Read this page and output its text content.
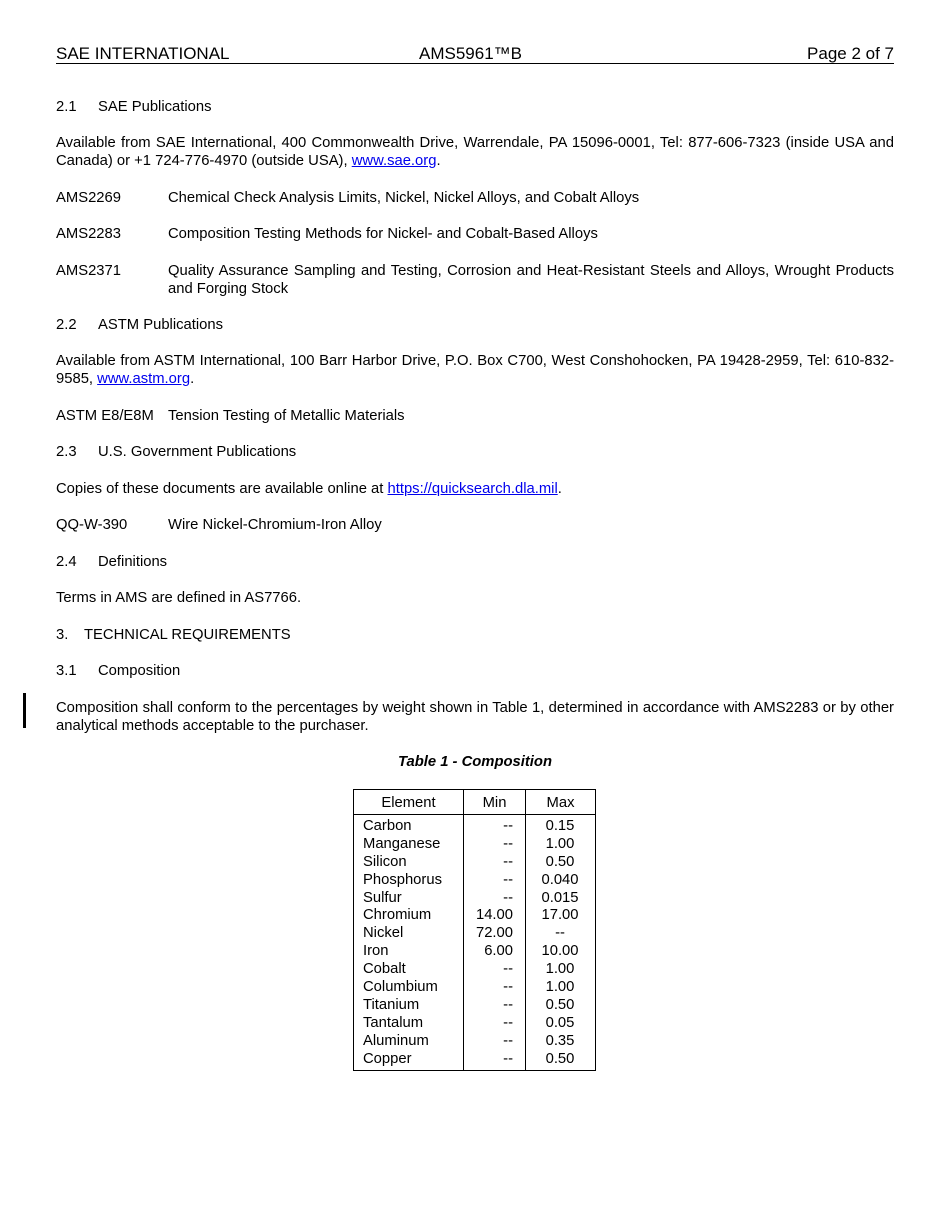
SAE INTERNATIONAL	AMS5961™B	Page 2 of 7
2.1 SAE Publications
Available from SAE International, 400 Commonwealth Drive, Warrendale, PA 15096-0001, Tel: 877-606-7323 (inside USA and Canada) or +1 724-776-4970 (outside USA), www.sae.org.
AMS2269	Chemical Check Analysis Limits, Nickel, Nickel Alloys, and Cobalt Alloys
AMS2283	Composition Testing Methods for Nickel- and Cobalt-Based Alloys
AMS2371	Quality Assurance Sampling and Testing, Corrosion and Heat-Resistant Steels and Alloys, Wrought Products and Forging Stock
2.2 ASTM Publications
Available from ASTM International, 100 Barr Harbor Drive, P.O. Box C700, West Conshohocken, PA 19428-2959, Tel: 610-832-9585, www.astm.org.
ASTM E8/E8M Tension Testing of Metallic Materials
2.3 U.S. Government Publications
Copies of these documents are available online at https://quicksearch.dla.mil.
QQ-W-390	Wire Nickel-Chromium-Iron Alloy
2.4 Definitions
Terms in AMS are defined in AS7766.
3. TECHNICAL REQUIREMENTS
3.1 Composition
Composition shall conform to the percentages by weight shown in Table 1, determined in accordance with AMS2283 or by other analytical methods acceptable to the purchaser.
Table 1 - Composition
Element	Min	Max
Carbon	--	0.15
Manganese	--	1.00
Silicon	--	0.50
Phosphorus	--	0.040
Sulfur	--	0.015
Chromium	14.00	17.00
Nickel	72.00	--
Iron	6.00	10.00
Cobalt	--	1.00
Columbium	--	1.00
Titanium	--	0.50
Tantalum	--	0.05
Aluminum	--	0.35
Copper	--	0.50
